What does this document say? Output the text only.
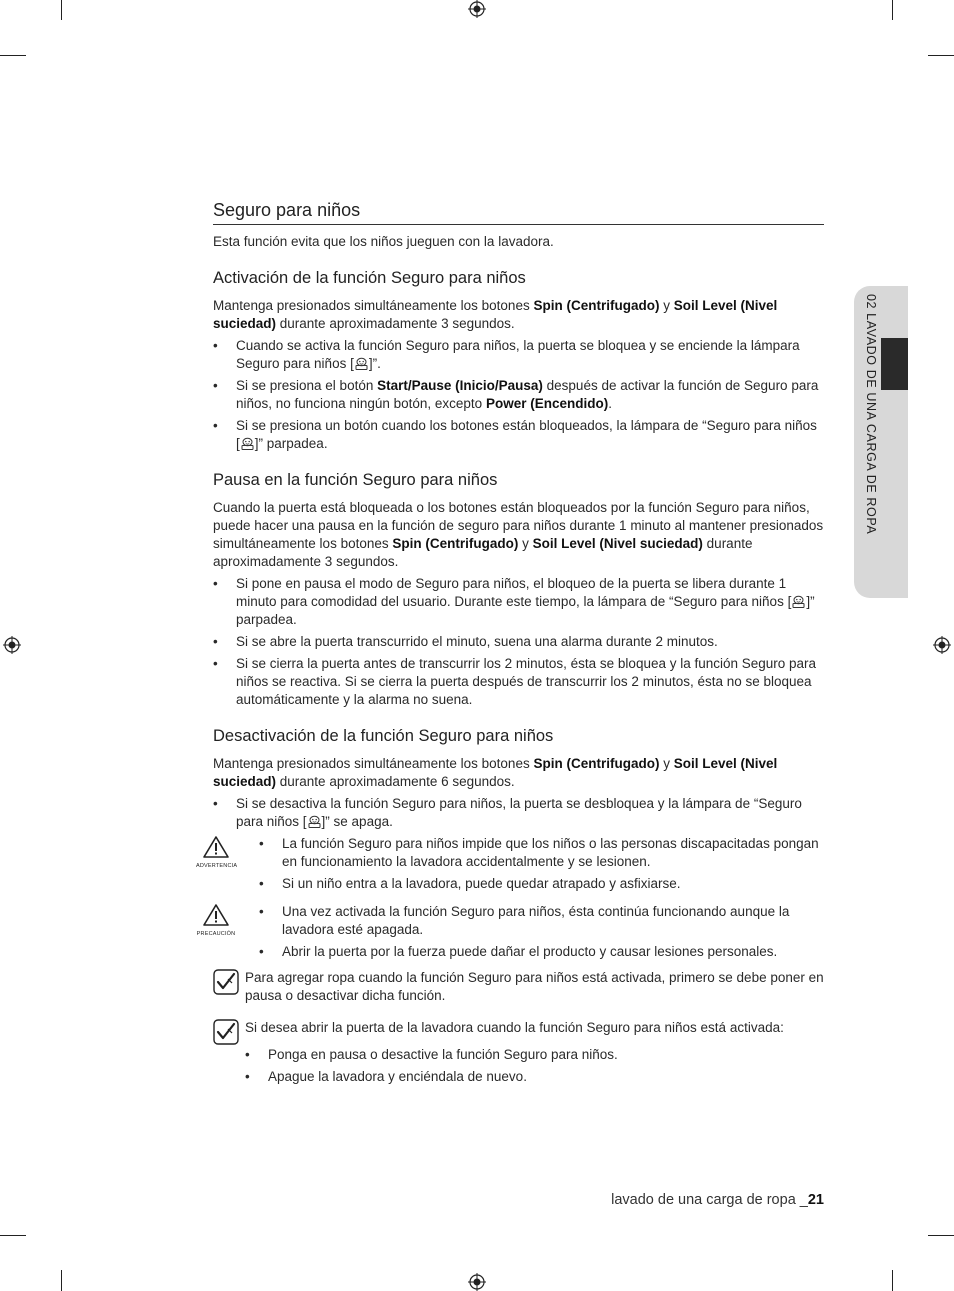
02 LAVADO DE UNA CARGA DE ROPA
Seguro para niños

Esta función evita que los niños jueguen con la lavadora.

Activación de la función Seguro para niños

Mantenga presionados simultáneamente los botones Spin (Centrifugado) y Soil Level (Nivel suciedad) durante aproximadamente 3 segundos.

• Cuando se activa la función Seguro para niños, la puerta se bloquea y se enciende la lámpara Seguro para niños [ ]”.
• Si se presiona el botón Start/Pause (Inicio/Pausa) después de activar la función de Seguro para niños, no funciona ningún botón, excepto Power (Encendido).
• Si se presiona un botón cuando los botones están bloqueados, la lámpara de “Seguro para niños [ ]” parpadea.
Pausa en la función Seguro para niños

Cuando la puerta está bloqueada o los botones están bloqueados por la función Seguro para niños, puede hacer una pausa en la función de seguro para niños durante 1 minuto al mantener presionados simultáneamente los botones Spin (Centrifugado) y Soil Level (Nivel suciedad) durante aproximadamente 3 segundos.

• Si pone en pausa el modo de Seguro para niños, el bloqueo de la puerta se libera durante 1 minuto para comodidad del usuario. Durante este tiempo, la lámpara de “Seguro para niños [ ]” parpadea.
• Si se abre la puerta transcurrido el minuto, suena una alarma durante 2 minutos.
• Si se cierra la puerta antes de transcurrir los 2 minutos, ésta se bloquea y la función Seguro para niños se reactiva. Si se cierra la puerta después de transcurrir los 2 minutos, ésta no se bloquea automáticamente y la alarma no suena.
Desactivación de la función Seguro para niños

Mantenga presionados simultáneamente los botones Spin (Centrifugado) y Soil Level (Nivel suciedad) durante aproximadamente 6 segundos.

• Si se desactiva la función Seguro para niños, la puerta se desbloquea y la lámpara de “Seguro para niños [ ]” se apaga.
ADVERTENCIA
• La función Seguro para niños impide que los niños o las personas discapacitadas pongan en funcionamiento la lavadora accidentalmente y se lesionen.
• Si un niño entra a la lavadora, puede quedar atrapado y asfixiarse.
PRECAUCIÓN
• Una vez activada la función Seguro para niños, ésta continúa funcionando aunque la lavadora esté apagada.
• Abrir la puerta por la fuerza puede dañar el producto y causar lesiones personales.

Para agregar ropa cuando la función Seguro para niños está activada, primero se debe poner en pausa o desactivar dicha función.

Si desea abrir la puerta de la lavadora cuando la función Seguro para niños está activada:

• Ponga en pausa o desactive la función Seguro para niños.
• Apague la lavadora y enciéndala de nuevo.
lavado de una carga de ropa _21
